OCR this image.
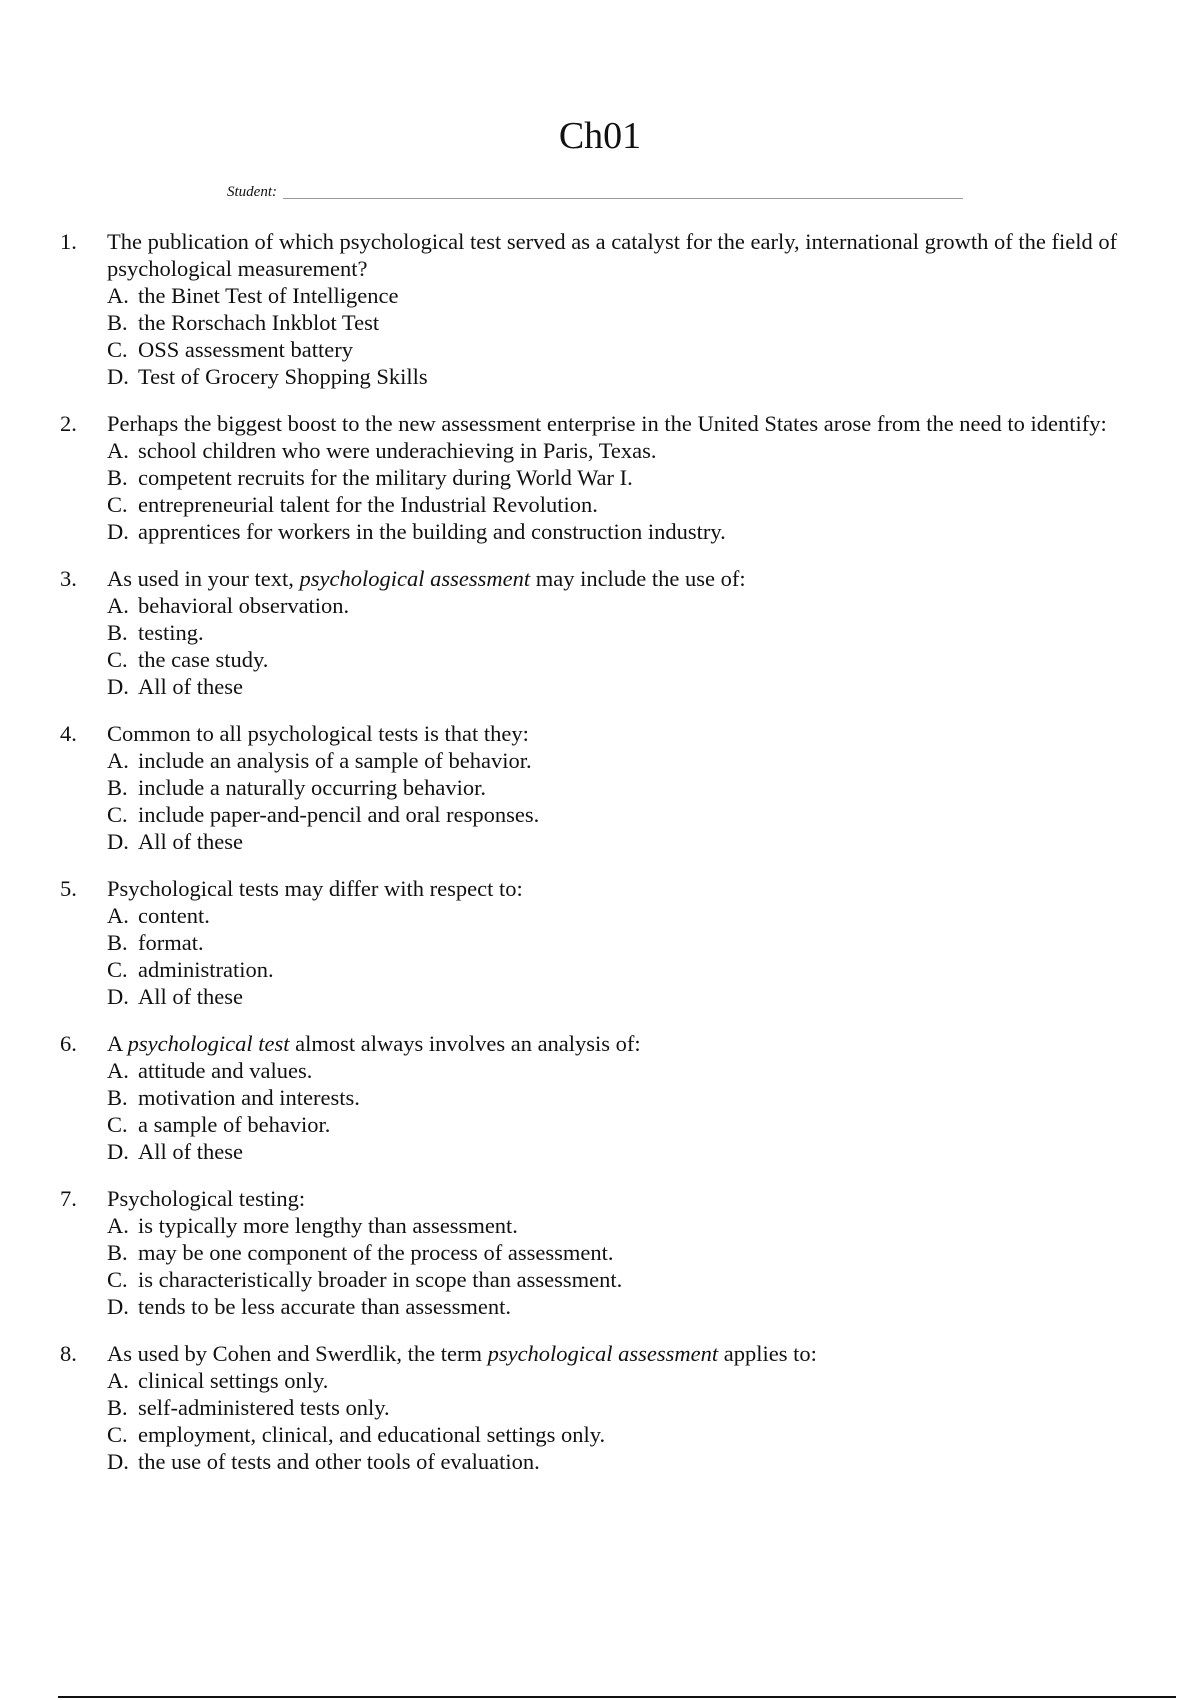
Ch01
Student:
1.	The publication of which psychological test served as a catalyst for the early, international growth of the field of psychological measurement?

A. the Binet Test of Intelligence
B. the Rorschach Inkblot Test
C. OSS assessment battery
D. Test of Grocery Shopping Skills
2.	Perhaps the biggest boost to the new assessment enterprise in the United States arose from the need to identify:

A. school children who were underachieving in Paris, Texas.
B. competent recruits for the military during World War I.
C. entrepreneurial talent for the Industrial Revolution.
D. apprentices for workers in the building and construction industry.
3.	As used in your text, psychological assessment may include the use of:

A. behavioral observation.
B. testing.
C. the case study.
D. All of these
4.	Common to all psychological tests is that they:

A. include an analysis of a sample of behavior.
B. include a naturally occurring behavior.
C. include paper-and-pencil and oral responses.
D. All of these
5.	Psychological tests may differ with respect to:

A. content.
B. format.
C. administration.
D. All of these
6.	A psychological test almost always involves an analysis of:

A. attitude and values.
B. motivation and interests.
C. a sample of behavior.
D. All of these
7.	Psychological testing:

A. is typically more lengthy than assessment.
B. may be one component of the process of assessment.
C. is characteristically broader in scope than assessment.
D. tends to be less accurate than assessment.
8.	As used by Cohen and Swerdlik, the term psychological assessment applies to:

A. clinical settings only.
B. self-administered tests only.
C. employment, clinical, and educational settings only.
D. the use of tests and other tools of evaluation.
